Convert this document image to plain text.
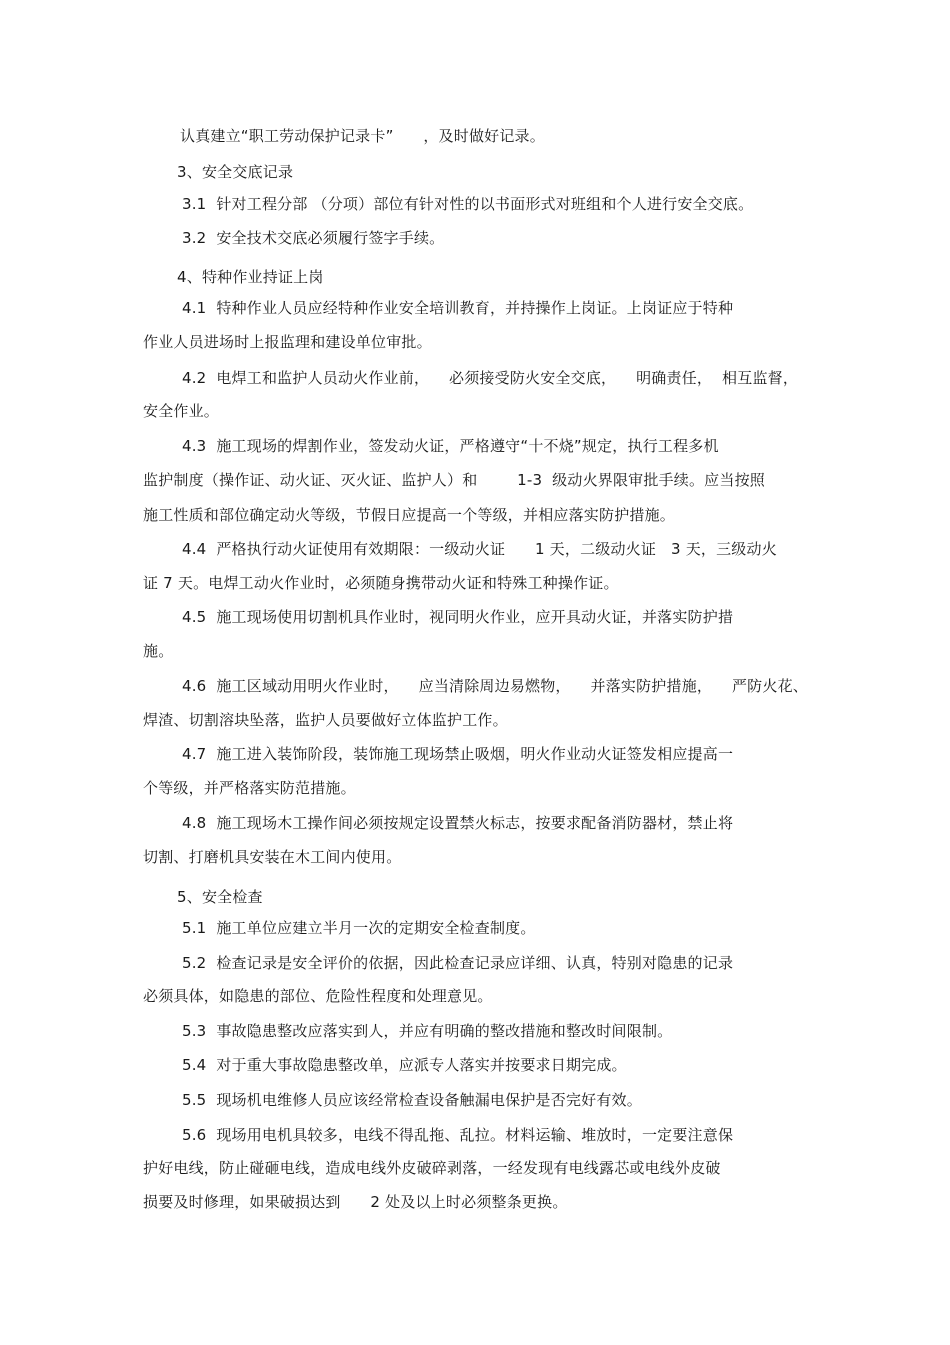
认真建立“职工劳动保护记录卡”      ，及时做好记录。
3、安全交底记录
3.1  针对工程分部 （分项）部位有针对性的以书面形式对班组和个人进行安全交底。
3.2  安全技术交底必须履行签字手续。
4、特种作业持证上岗
4.1  特种作业人员应经特种作业安全培训教育，并持操作上岗证。上岗证应于特种
作业人员进场时上报监理和建设单位审批。
4.2  电焊工和监护人员动火作业前，    必须接受防火安全交底，    明确责任，  相互监督，
安全作业。
4.3  施工现场的焊割作业，签发动火证，严格遵守“十不烧”规定，执行工程多机
监护制度（操作证、动火证、灭火证、监护人）和        1-3  级动火界限审批手续。应当按照
施工性质和部位确定动火等级，节假日应提高一个等级，并相应落实防护措施。
4.4  严格执行动火证使用有效期限：一级动火证      1 天，二级动火证   3 天，三级动火
证 7 天。电焊工动火作业时，必须随身携带动火证和特殊工种操作证。
4.5  施工现场使用切割机具作业时，视同明火作业，应开具动火证，并落实防护措
施。
4.6  施工区域动用明火作业时，    应当清除周边易燃物，    并落实防护措施，    严防火花、
焊渣、切割溶块坠落，监护人员要做好立体监护工作。
4.7  施工进入装饰阶段，装饰施工现场禁止吸烟，明火作业动火证签发相应提高一
个等级，并严格落实防范措施。
4.8  施工现场木工操作间必须按规定设置禁火标志，按要求配备消防器材，禁止将
切割、打磨机具安装在木工间内使用。
5、安全检查
5.1  施工单位应建立半月一次的定期安全检查制度。
5.2  检查记录是安全评价的依据，因此检查记录应详细、认真，特别对隐患的记录
必须具体，如隐患的部位、危险性程度和处理意见。
5.3  事故隐患整改应落实到人，并应有明确的整改措施和整改时间限制。
5.4  对于重大事故隐患整改单，应派专人落实并按要求日期完成。
5.5  现场机电维修人员应该经常检查设备触漏电保护是否完好有效。
5.6  现场用电机具较多，电线不得乱拖、乱拉。材料运输、堆放时，一定要注意保
护好电线，防止碰砸电线，造成电线外皮破碎剥落，一经发现有电线露芯或电线外皮破
损要及时修理，如果破损达到      2 处及以上时必须整条更换。
